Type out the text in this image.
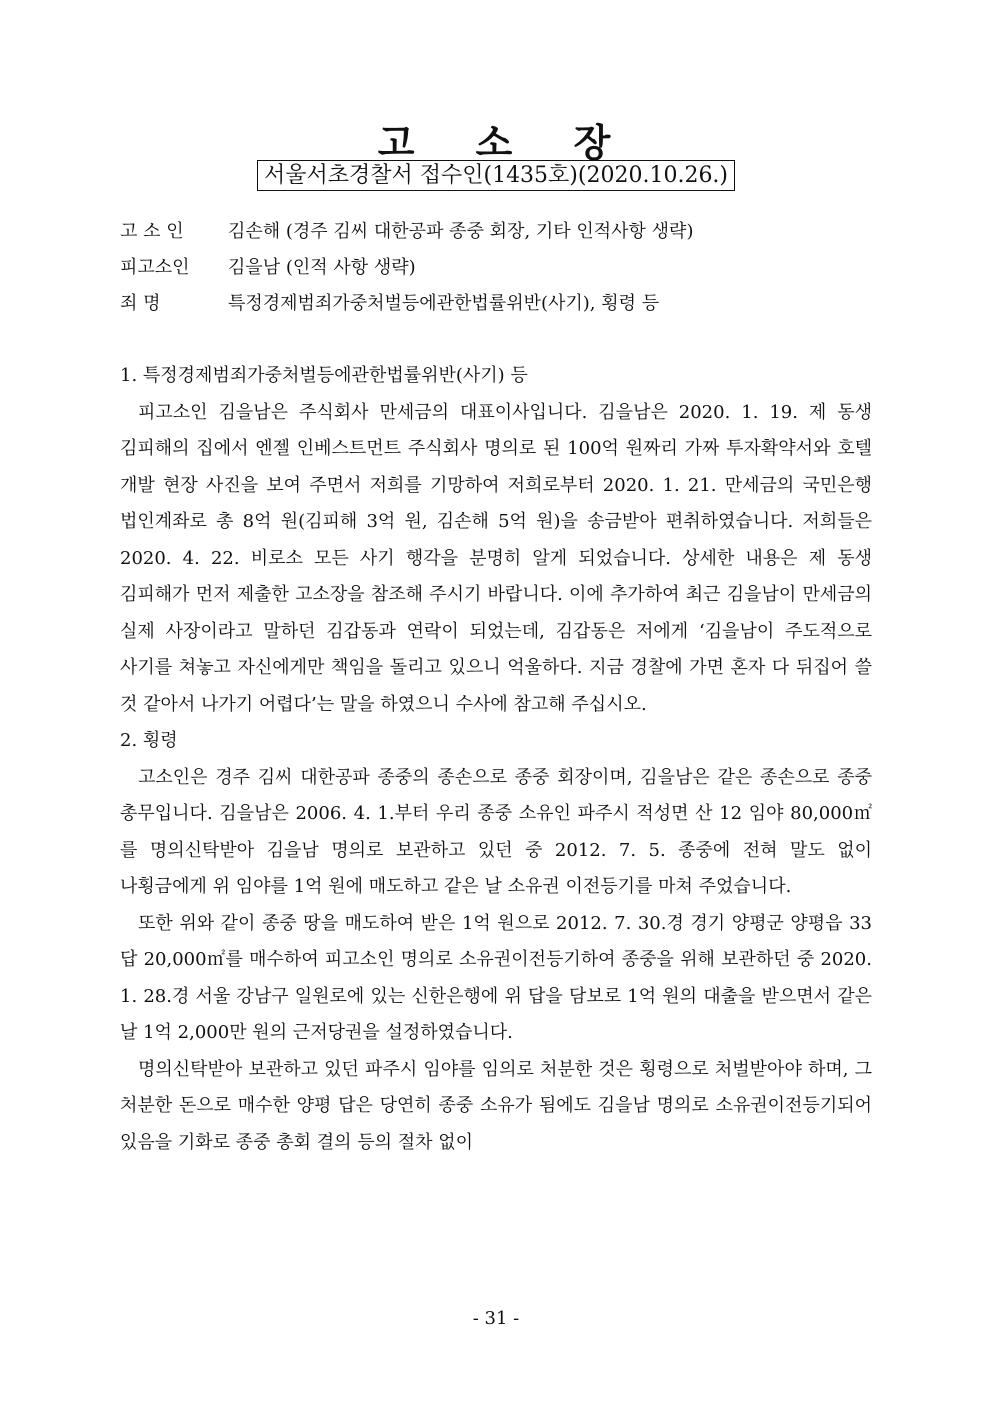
고 소 장
서울서초경찰서 접수인(1435호)(2020.10.26.)
고 소 인 김손해 (경주 김씨 대한공파 종중 회장, 기타 인적사항 생략)
피고소인 김을남 (인적 사항 생략)
죄 명	특정경제범죄가중처벌등에관한법률위반(사기), 횡령 등

1. 특정경제범죄가중처벌등에관한법률위반(사기) 등

피고소인 김을남은 주식회사 만세금의 대표이사입니다. 김을남은 2020. 1. 19. 제 동생 김피해의 집에서 엔젤 인베스트먼트 주식회사 명의로 된 100억 원짜리 가짜 투자확약서와 호텔 개발 현장 사진을 보여 주면서 저희를 기망하여 저희로부터 2020. 1. 21. 만세금의 국민은행 법인계좌로 총 8억 원(김피해 3억 원, 김손해 5억 원)을 송금받아 편취하였습니다. 저희들은 2020. 4. 22. 비로소 모든 사기 행각을 분명히 알게 되었습니다. 상세한 내용은 제 동생 김피해가 먼저 제출한 고소장을 참조해 주시기 바랍니다. 이에 추가하여 최근 김을남이 만세금의 실제 사장이라고 말하던 김갑동과 연락이 되었는데, 김갑동은 저에게 ‘김을남이 주도적으로 사기를 쳐놓고 자신에게만 책임을 돌리고 있으니 억울하다. 지금 경찰에 가면 혼자 다 뒤집어 쓸 것 같아서 나가기 어렵다’는 말을 하였으니 수사에 참고해 주십시오.

2. 횡령

고소인은 경주 김씨 대한공파 종중의 종손으로 종중 회장이며, 김을남은 같은 종손으로 종중 총무입니다. 김을남은 2006. 4. 1.부터 우리 종중 소유인 파주시 적성면 산 12 임야 80,000㎡를 명의신탁받아 김을남 명의로 보관하고 있던 중 2012. 7. 5. 종중에 전혀 말도 없이 나횡금에게 위 임야를 1억 원에 매도하고 같은 날 소유권 이전등기를 마쳐 주었습니다.

또한 위와 같이 종중 땅을 매도하여 받은 1억 원으로 2012. 7. 30.경 경기 양평군 양평읍 33 답 20,000㎡를 매수하여 피고소인 명의로 소유권이전등기하여 종중을 위해 보관하던 중 2020. 1. 28.경 서울 강남구 일원로에 있는 신한은행에 위 답을 담보로 1억 원의 대출을 받으면서 같은 날 1억 2,000만 원의 근저당권을 설정하였습니다.

명의신탁받아 보관하고 있던 파주시 임야를 임의로 처분한 것은 횡령으로 처벌받아야 하며, 그 처분한 돈으로 매수한 양평 답은 당연히 종중 소유가 됨에도 김을남 명의로 소유권이전등기되어 있음을 기화로 종중 총회 결의 등의 절차 없이

- 31 -
